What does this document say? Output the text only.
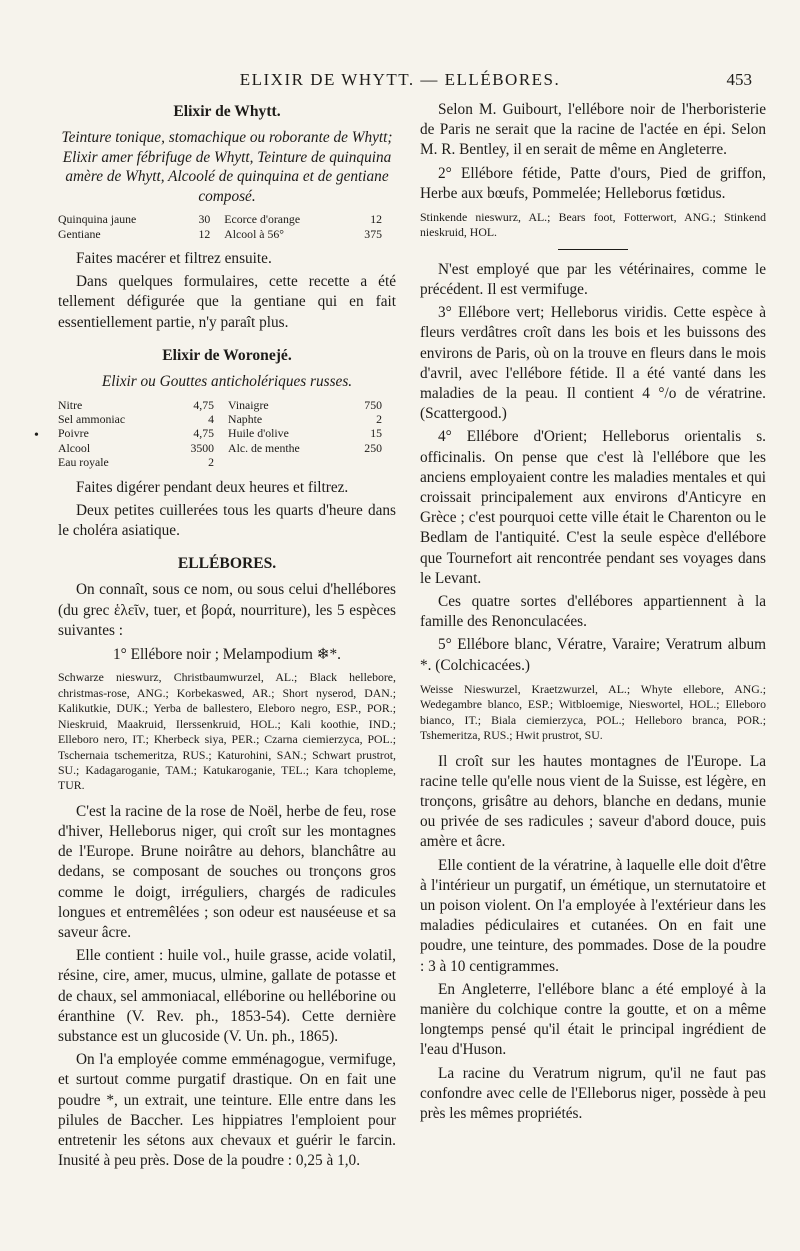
ELIXIR DE WHYTT. — ELLÉBORES.	453
•

Elixir de Whytt.

Teinture tonique, stomachique ou roborante de Whytt; Elixir amer fébrifuge de Whytt, Teinture de quinquina amère de Whytt, Alcoolé de quinquina et de gentiane composé.

Quinquina jaune	30	Ecorce d'orange	12
Gentiane	12	Alcool à 56°	375

Faites macérer et filtrez ensuite.

Dans quelques formulaires, cette recette a été tellement défigurée que la gentiane qui en fait essentiellement partie, n'y paraît plus.

Elixir de Woronejé.

Elixir ou Gouttes anticholériques russes.

Nitre	4,75	Vinaigre	750
Sel ammoniac	4	Naphte	2
Poivre	4,75	Huile d'olive	15
Alcool	3500	Alc. de menthe	250
Eau royale	2		

Faites digérer pendant deux heures et filtrez.

Deux petites cuillerées tous les quarts d'heure dans le choléra asiatique.

ELLÉBORES.

On connaît, sous ce nom, ou sous celui d'hellébores (du grec ἑλεῖν, tuer, et βορά, nourriture), les 5 espèces suivantes :

1° Ellébore noir ; Melampodium ❄*.

Schwarze nieswurz, Christbaumwurzel, AL.; Black hellebore, christmas-rose, ANG.; Korbekaswed, AR.; Short nyserod, DAN.; Kalikutkie, DUK.; Yerba de ballestero, Eleboro negro, ESP., POR.; Nieskruid, Maakruid, Ilerssenkruid, HOL.; Kali koothie, IND.; Elleboro nero, IT.; Kherbeck siya, PER.; Czarna ciemierzyca, POL.; Tschernaia tschemeritza, RUS.; Katurohini, SAN.; Schwart prustrot, SU.; Kadagaroganie, TAM.; Katukaroganie, TEL.; Kara tchopleme, TUR.

C'est la racine de la rose de Noël, herbe de feu, rose d'hiver, Helleborus niger, qui croît sur les montagnes de l'Europe. Brune noirâtre au dehors, blanchâtre au dedans, se composant de souches ou tronçons gros comme le doigt, irréguliers, chargés de radicules longues et entremêlées ; son odeur est nauséeuse et sa saveur âcre.

Elle contient : huile vol., huile grasse, acide volatil, résine, cire, amer, mucus, ulmine, gallate de potasse et de chaux, sel ammoniacal, elléborine ou helléborine ou éranthine (V. Rev. ph., 1853-54). Cette dernière substance est un glucoside (V. Un. ph., 1865).

On l'a employée comme emménagogue, vermifuge, et surtout comme purgatif drastique. On en fait une poudre *, un extrait, une teinture. Elle entre dans les pilules de Baccher. Les hippiatres l'emploient pour entretenir les sétons aux chevaux et guérir le farcin. Inusité à peu près. Dose de la poudre : 0,25 à 1,0.

Selon M. Guibourt, l'ellébore noir de l'herboristerie de Paris ne serait que la racine de l'actée en épi. Selon M. R. Bentley, il en serait de même en Angleterre.

2° Ellébore fétide, Patte d'ours, Pied de griffon, Herbe aux bœufs, Pommelée; Helleborus fœtidus.

Stinkende nieswurz, AL.; Bears foot, Fotterwort, ANG.; Stinkend nieskruid, HOL.

N'est employé que par les vétérinaires, comme le précédent. Il est vermifuge.

3° Ellébore vert; Helleborus viridis. Cette espèce à fleurs verdâtres croît dans les bois et les buissons des environs de Paris, où on la trouve en fleurs dans le mois d'avril, avec l'ellébore fétide. Il a été vanté dans les maladies de la peau. Il contient 4 °/o de vératrine. (Scattergood.)

4° Ellébore d'Orient; Helleborus orientalis s. officinalis. On pense que c'est là l'ellébore que les anciens employaient contre les maladies mentales et qui croissait principalement aux environs d'Anticyre en Grèce ; c'est pourquoi cette ville était le Charenton ou le Bedlam de l'antiquité. C'est la seule espèce d'ellébore que Tournefort ait rencontrée pendant ses voyages dans le Levant.

Ces quatre sortes d'ellébores appartiennent à la famille des Renonculacées.

5° Ellébore blanc, Vératre, Varaire; Veratrum album *. (Colchicacées.)

Weisse Nieswurzel, Kraetzwurzel, AL.; Whyte ellebore, ANG.; Wedegambre blanco, ESP.; Witbloemige, Nieswortel, HOL.; Elleboro bianco, IT.; Biala ciemierzyca, POL.; Helleboro branca, POR.; Tshemeritza, RUS.; Hwit prustrot, SU.

Il croît sur les hautes montagnes de l'Europe. La racine telle qu'elle nous vient de la Suisse, est légère, en tronçons, grisâtre au dehors, blanche en dedans, munie ou privée de ses radicules ; saveur d'abord douce, puis amère et âcre.

Elle contient de la vératrine, à laquelle elle doit d'être à l'intérieur un purgatif, un émétique, un sternutatoire et un poison violent. On l'a employée à l'extérieur dans les maladies pédiculaires et cutanées. On en fait une poudre, une teinture, des pommades. Dose de la poudre : 3 à 10 centigrammes.

En Angleterre, l'ellébore blanc a été employé à la manière du colchique contre la goutte, et on a même longtemps pensé qu'il était le principal ingrédient de l'eau d'Huson.

La racine du Veratrum nigrum, qu'il ne faut pas confondre avec celle de l'Elleborus niger, possède à peu près les mêmes propriétés.
